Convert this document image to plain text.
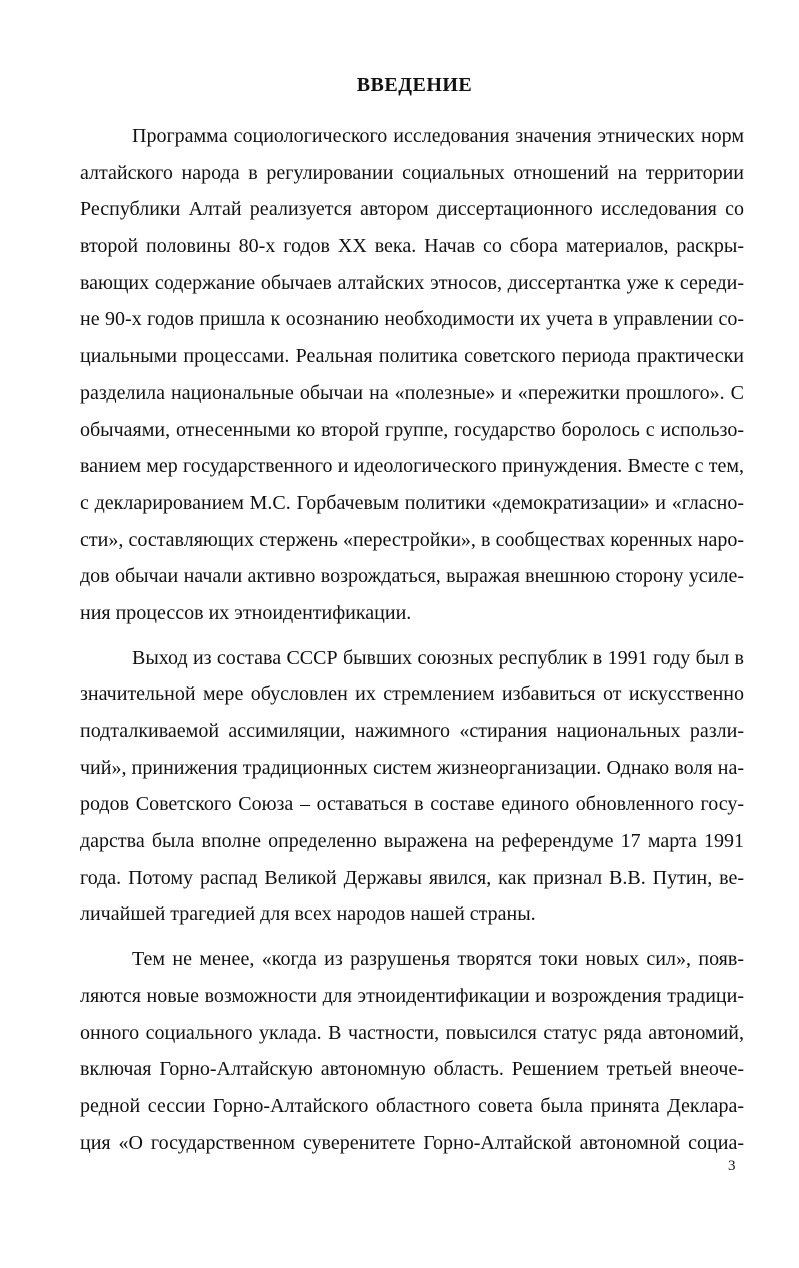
ВВЕДЕНИЕ
Программа социологического исследования значения этнических норм
алтайского народа в регулировании социальных отношений на территории
Республики Алтай реализуется автором диссертационного исследования со
второй половины 80-х годов XX века. Начав со сбора материалов, раскры-
вающих содержание обычаев алтайских этносов, диссертантка уже к середи-
не 90-х годов пришла к осознанию необходимости их учета в управлении со-
циальными процессами. Реальная политика советского периода практически
разделила национальные обычаи на «полезные» и «пережитки прошлого». С
обычаями, отнесенными ко второй группе, государство боролось с использо-
ванием мер государственного и идеологического принуждения. Вместе с тем,
с декларированием М.С. Горбачевым политики «демократизации» и «гласно-
сти», составляющих стержень «перестройки», в сообществах коренных наро-
дов обычаи начали активно возрождаться, выражая внешнюю сторону усиле-
ния процессов их этноидентификации.
Выход из состава СССР бывших союзных республик в 1991 году был в
значительной мере обусловлен их стремлением избавиться от искусственно
подталкиваемой ассимиляции, нажимного «стирания национальных разли-
чий», принижения традиционных систем жизнеорганизации. Однако воля на-
родов Советского Союза – оставаться в составе единого обновленного госу-
дарства была вполне определенно выражена на референдуме 17 марта 1991
года. Потому распад Великой Державы явился, как признал В.В. Путин, ве-
личайшей трагедией для всех народов нашей страны.
Тем не менее, «когда из разрушенья творятся токи новых сил», появ-
ляются новые возможности для этноидентификации и возрождения традици-
онного социального уклада. В частности, повысился статус ряда автономий,
включая Горно-Алтайскую автономную область. Решением третьей внеоче-
редной сессии Горно-Алтайского областного совета была принята Деклара-
ция «О государственном суверенитете Горно-Алтайской автономной социа-
3
